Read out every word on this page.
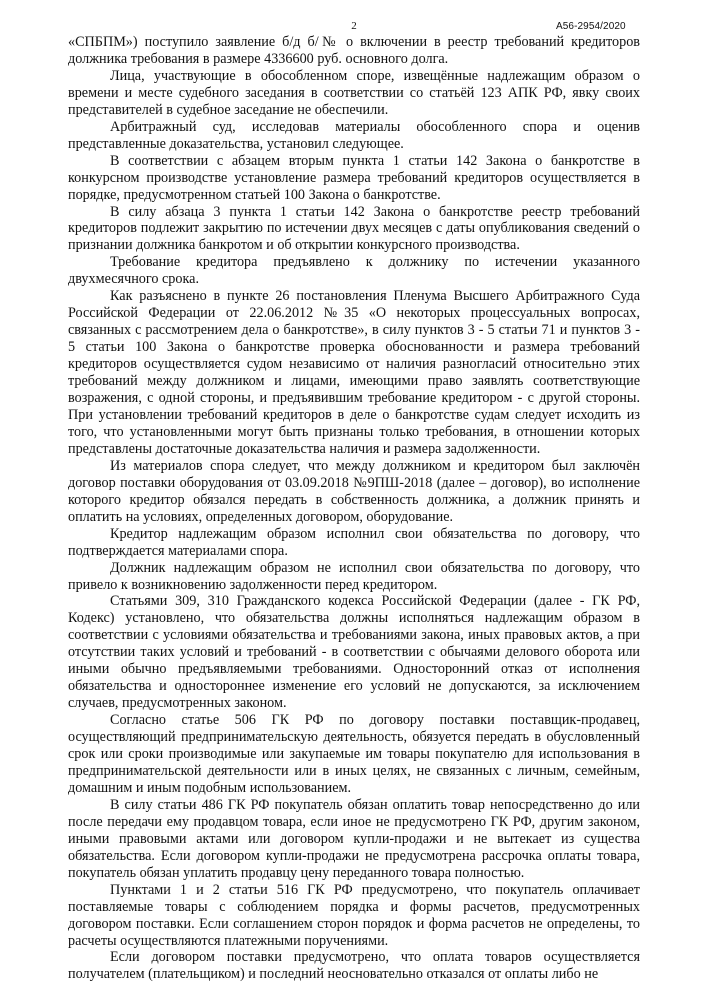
2	А56-2954/2020

«СПБПМ») поступило заявление б/д б/№ о включении в реестр требований кредиторов должника требования в размере 4336600 руб. основного долга.

Лица, участвующие в обособленном споре, извещённые надлежащим образом о времени и месте судебного заседания в соответствии со статьёй 123 АПК РФ, явку своих представителей в судебное заседание не обеспечили.

Арбитражный суд, исследовав материалы обособленного спора и оценив представленные доказательства, установил следующее.

В соответствии с абзацем вторым пункта 1 статьи 142 Закона о банкротстве в конкурсном производстве установление размера требований кредиторов осуществляется в порядке, предусмотренном статьей 100 Закона о банкротстве.

В силу абзаца 3 пункта 1 статьи 142 Закона о банкротстве реестр требований кредиторов подлежит закрытию по истечении двух месяцев с даты опубликования сведений о признании должника банкротом и об открытии конкурсного производства.

Требование кредитора предъявлено к должнику по истечении указанного двухмесячного срока.

Как разъяснено в пункте 26 постановления Пленума Высшего Арбитражного Суда Российской Федерации от 22.06.2012 №35 «О некоторых процессуальных вопросах, связанных с рассмотрением дела о банкротстве», в силу пунктов 3 - 5 статьи 71 и пунктов 3 - 5 статьи 100 Закона о банкротстве проверка обоснованности и размера требований кредиторов осуществляется судом независимо от наличия разногласий относительно этих требований между должником и лицами, имеющими право заявлять соответствующие возражения, с одной стороны, и предъявившим требование кредитором - с другой стороны. При установлении требований кредиторов в деле о банкротстве судам следует исходить из того, что установленными могут быть признаны только требования, в отношении которых представлены достаточные доказательства наличия и размера задолженности.

Из материалов спора следует, что между должником и кредитором был заключён договор поставки оборудования от 03.09.2018 №9ПШ-2018 (далее – договор), во исполнение которого кредитор обязался передать в собственность должника, а должник принять и оплатить на условиях, определенных договором, оборудование.

Кредитор надлежащим образом исполнил свои обязательства по договору, что подтверждается материалами спора.

Должник надлежащим образом не исполнил свои обязательства по договору, что привело к возникновению задолженности перед кредитором.

Статьями 309, 310 Гражданского кодекса Российской Федерации (далее - ГК РФ, Кодекс) установлено, что обязательства должны исполняться надлежащим образом в соответствии с условиями обязательства и требованиями закона, иных правовых актов, а при отсутствии таких условий и требований - в соответствии с обычаями делового оборота или иными обычно предъявляемыми требованиями. Односторонний отказ от исполнения обязательства и одностороннее изменение его условий не допускаются, за исключением случаев, предусмотренных законом.

Согласно статье 506 ГК РФ по договору поставки поставщик-продавец, осуществляющий предпринимательскую деятельность, обязуется передать в обусловленный срок или сроки производимые или закупаемые им товары покупателю для использования в предпринимательской деятельности или в иных целях, не связанных с личным, семейным, домашним и иным подобным использованием.

В силу статьи 486 ГК РФ покупатель обязан оплатить товар непосредственно до или после передачи ему продавцом товара, если иное не предусмотрено ГК РФ, другим законом, иными правовыми актами или договором купли-продажи и не вытекает из существа обязательства. Если договором купли-продажи не предусмотрена рассрочка оплаты товара, покупатель обязан уплатить продавцу цену переданного товара полностью.

Пунктами 1 и 2 статьи 516 ГК РФ предусмотрено, что покупатель оплачивает поставляемые товары с соблюдением порядка и формы расчетов, предусмотренных договором поставки. Если соглашением сторон порядок и форма расчетов не определены, то расчеты осуществляются платежными поручениями.

Если договором поставки предусмотрено, что оплата товаров осуществляется получателем (плательщиком) и последний неосновательно отказался от оплаты либо не
